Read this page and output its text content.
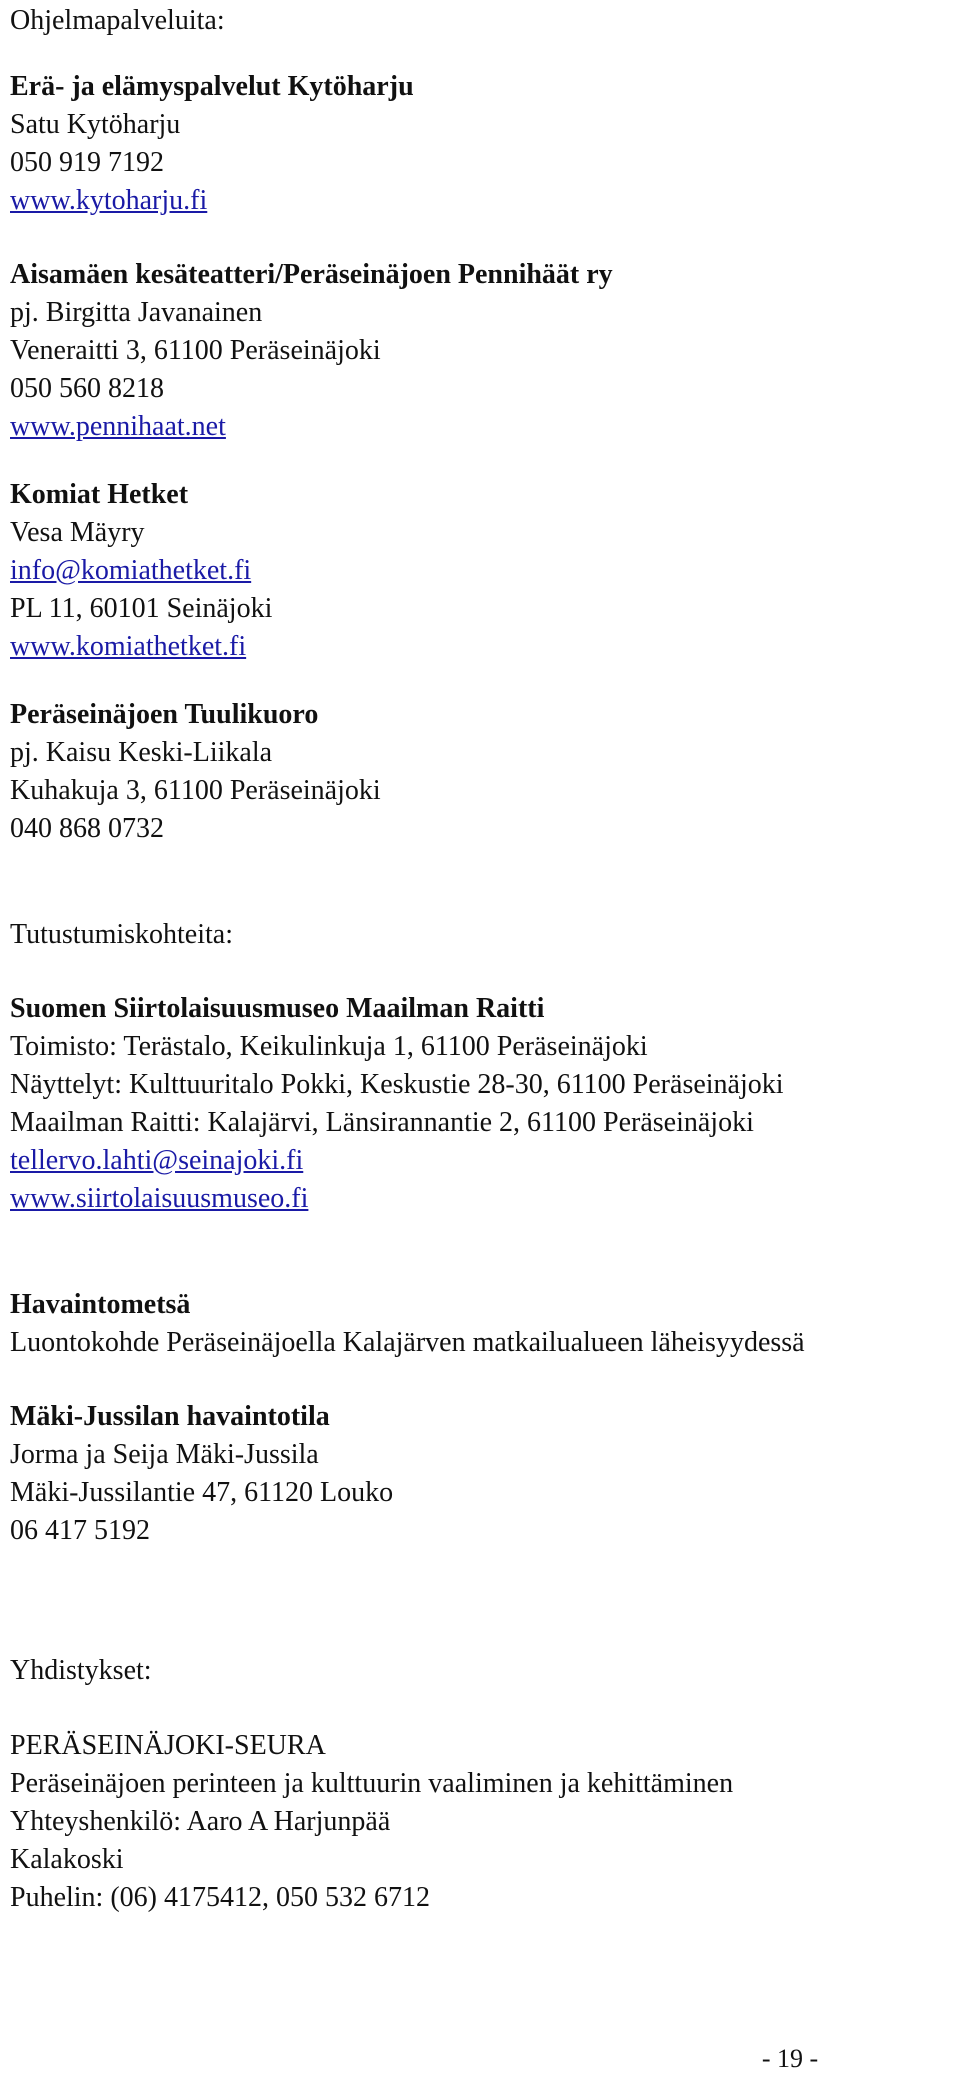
Ohjelmapalveluita:

Erä- ja elämyspalvelut Kytöharju

Satu Kytöharju

050 919 7192

www.kytoharju.fi

Aisamäen kesäteatteri/Peräseinäjoen Pennihäät ry

pj. Birgitta Javanainen

Veneraitti 3, 61100 Peräseinäjoki

050 560 8218

www.pennihaat.net

Komiat Hetket

Vesa Mäyry

info@komiathetket.fi

PL 11, 60101 Seinäjoki

www.komiathetket.fi

Peräseinäjoen Tuulikuoro

pj. Kaisu Keski-Liikala

Kuhakuja 3, 61100 Peräseinäjoki

040 868 0732

Tutustumiskohteita:

Suomen Siirtolaisuusmuseo Maailman Raitti

Toimisto: Terästalo, Keikulinkuja 1, 61100 Peräseinäjoki

Näyttelyt: Kulttuuritalo Pokki, Keskustie 28-30, 61100 Peräseinäjoki

Maailman Raitti: Kalajärvi, Länsirannantie 2, 61100 Peräseinäjoki

tellervo.lahti@seinajoki.fi

www.siirtolaisuusmuseo.fi

Havaintometsä

Luontokohde Peräseinäjoella Kalajärven matkailualueen läheisyydessä

Mäki-Jussilan havaintotila

Jorma ja Seija Mäki-Jussila

Mäki-Jussilantie 47, 61120 Louko

06 417 5192

Yhdistykset:

PERÄSEINÄJOKI-SEURA

Peräseinäjoen perinteen ja kulttuurin vaaliminen ja kehittäminen

Yhteyshenkilö: Aaro A Harjunpää

Kalakoski

Puhelin: (06) 4175412, 050 532 6712

- 19 -
